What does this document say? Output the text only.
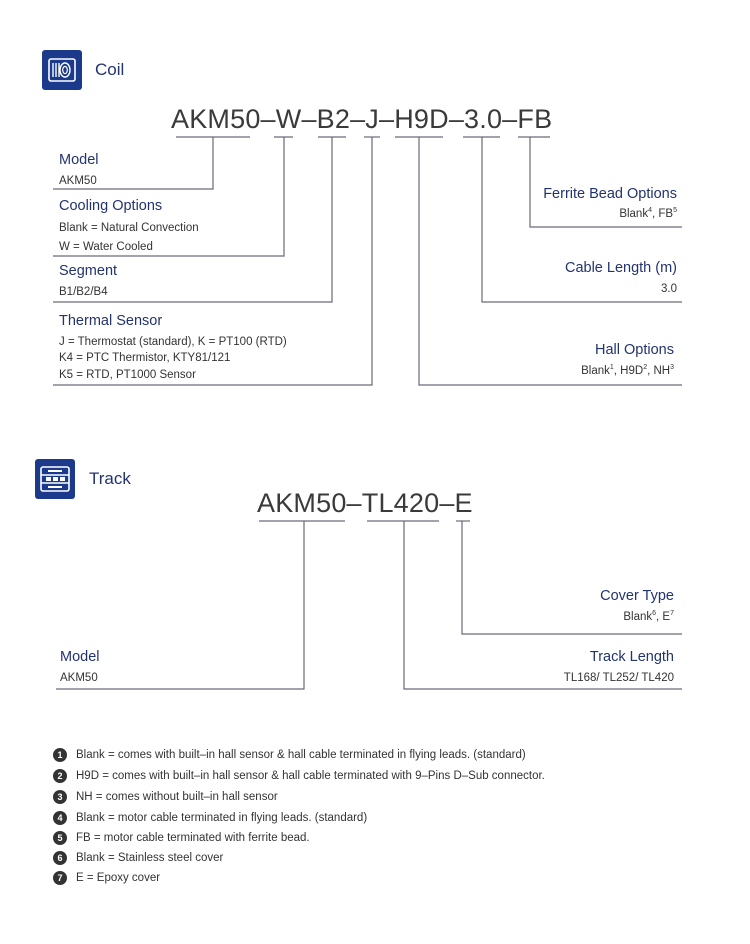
Coil
AKM50–W–B2–J–H9D–3.0–FB
Model
AKM50
Cooling Options
Blank = Natural Convection
W = Water Cooled
Segment
B1/B2/B4
Thermal Sensor
J = Thermostat (standard), K = PT100 (RTD)
K4 = PTC Thermistor, KTY81/121
K5 = RTD, PT1000 Sensor
Ferrite Bead Options
Blank$^4$, $FB^5$
Cable Length (m)
3.0
Hall Options
Blank$^1$, $H9D^2$, $NH^3$
Track
AKM50–TL420–E
Model
AKM50
Cover Type
Blank$^6$, $E^7$
Track Length
TL168/ TL252/ TL420
1	Blank = comes with built–in hall sensor & hall cable terminated in flying leads. (standard)
2	H9D = comes with built–in hall sensor & hall cable terminated with 9–Pins D–Sub connector.
3	NH = comes without built–in hall sensor
4	Blank = motor cable terminated in flying leads. (standard)
5	FB = motor cable terminated with ferrite bead.
6	Blank = Stainless steel cover
7	E = Epoxy cover
